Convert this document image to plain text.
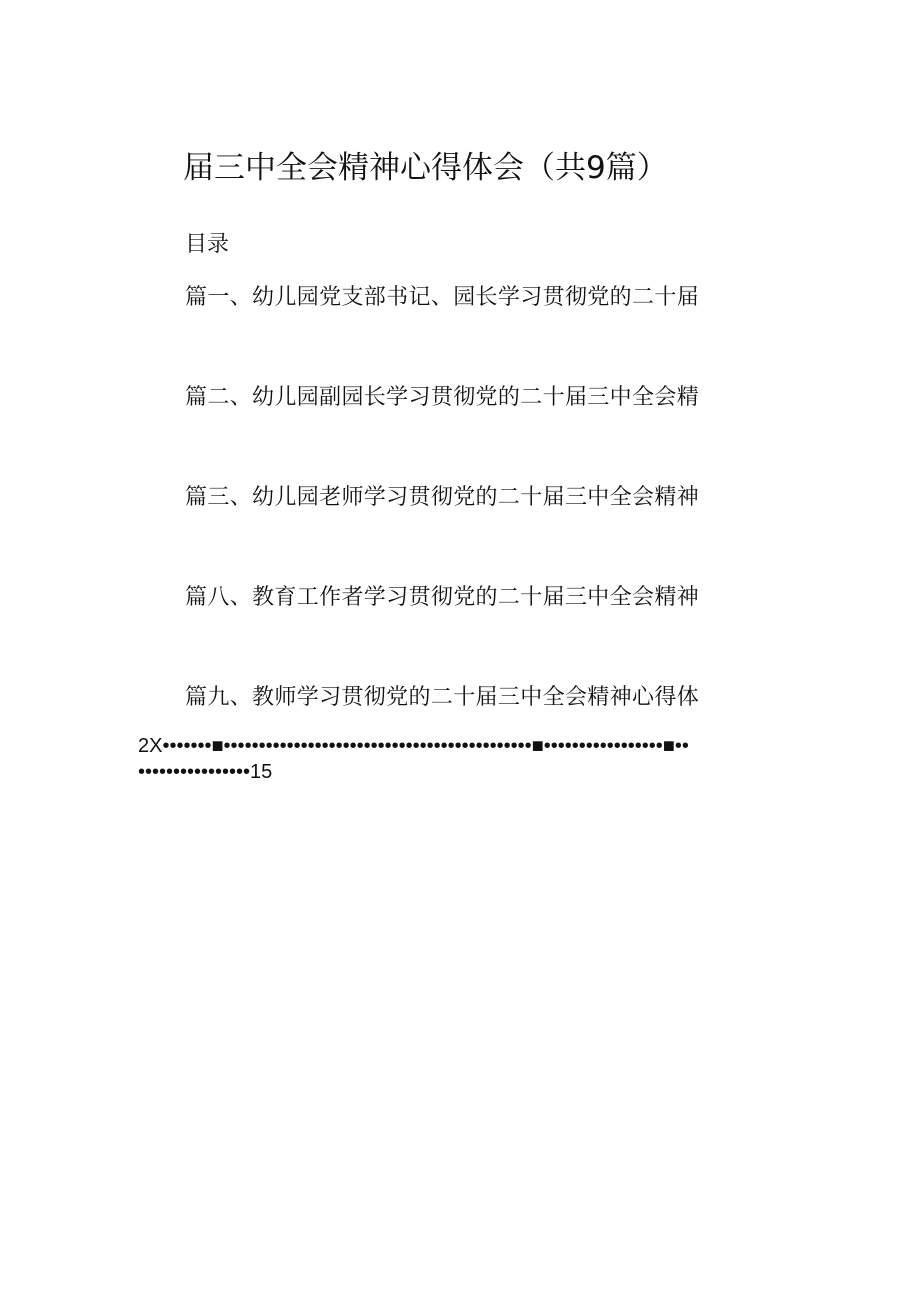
届三中全会精神心得体会（共9篇）
目录
篇一、幼儿园党支部书记、园长学习贯彻党的二十届
篇二、幼儿园副园长学习贯彻党的二十届三中全会精
篇三、幼儿园老师学习贯彻党的二十届三中全会精神
篇八、教育工作者学习贯彻党的二十届三中全会精神
篇九、教师学习贯彻党的二十届三中全会精神心得体
2X•••••••■••••••••••••••••••••••••••••••••••••••••••••■•••••••••••••••••■••
••••••••••••••••15
